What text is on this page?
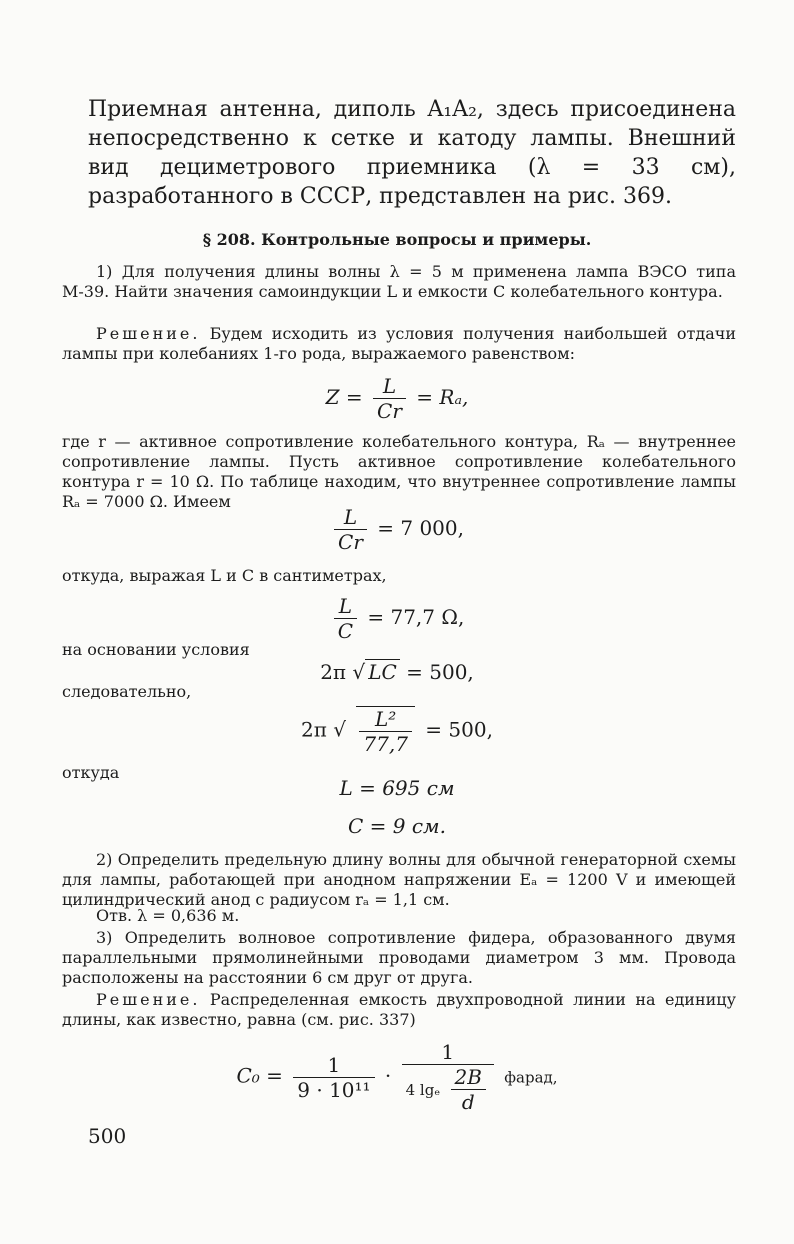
Приемная антенна, диполь A₁A₂, здесь присоединена непосредственно к сетке и катоду лампы. Внешний вид дециметрового приемника (λ = 33 см), разработанного в СССР, представлен на рис. 369.
§ 208. Контрольные вопросы и примеры.
1) Для получения длины волны λ = 5 м применена лампа ВЭСО типа М-39. Найти значения самоиндукции L и емкости C колебательного контура.
Решение. Будем исходить из условия получения наибольшей отдачи лампы при колебаниях 1-го рода, выражаемого равенством:
$Z = \frac{L}{Cr} = R_a$,
где r — активное сопротивление колебательного контура, Rₐ — внутреннее сопротивление лампы. Пусть активное сопротивление колебательного контура r = 10 Ω. По таблице находим, что внутреннее сопротивление лампы Rₐ = 7000 Ω. Имеем
$\frac{L}{Cr} = 7$ 000,
откуда, выражая L и C в сантиметрах,
$\frac{L}{C} = 77,7$ Ω,
на основании условия
2π √ LC = 500,
следовательно,
2π √ $\frac{\text{L²}}{77,7} = 500$,
откуда
L = 695 см
C = 9 см.
2) Определить предельную длину волны для обычной генераторной схемы для лампы, работающей при анодном напряжении Eₐ = 1200 V и имеющей цилиндрический анод с радиусом rₐ = 1,1 см.
Отв. λ = 0,636 м.
3) Определить волновое сопротивление фидера, образованного двумя параллельными прямолинейными проводами диаметром 3 мм. Провода расположены на расстоянии 6 см друг от друга.
Решение. Распределенная емкость двухпроводной линии на единицу длины, как известно, равна (см. рис. 337)
$C_0 = \frac{1}{\text{9 · 10¹¹}} \cdot \frac{1}{4 \lg_e \frac{2B}{d}}$ фарад,
500
